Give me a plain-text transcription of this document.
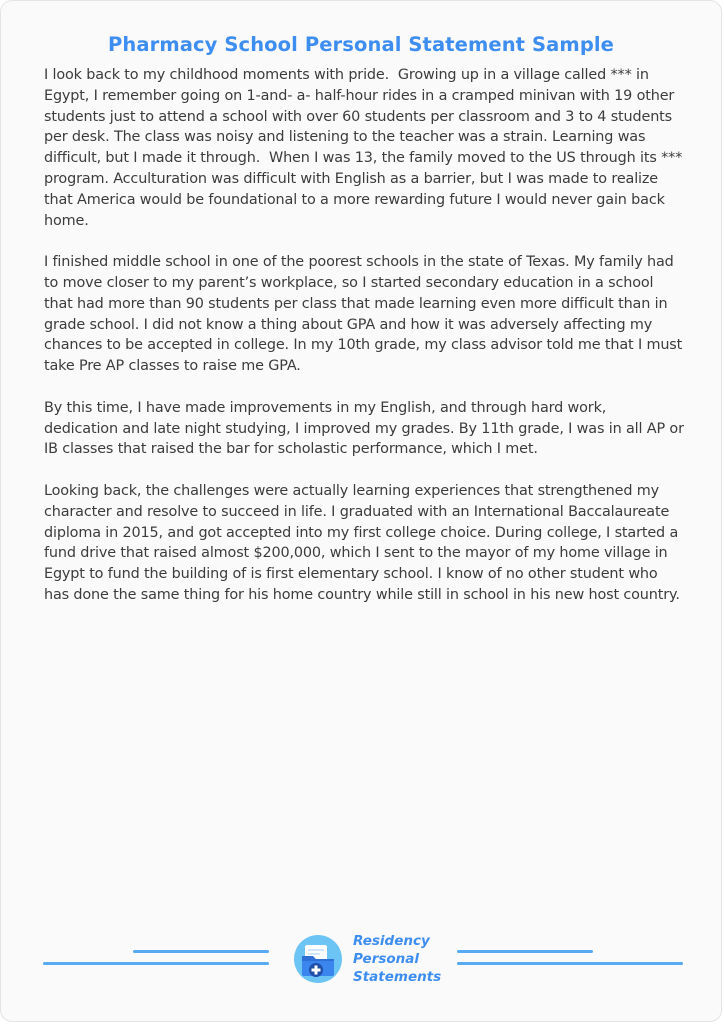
Pharmacy School Personal Statement Sample

I look back to my childhood moments with pride.  Growing up in a village called *** in Egypt, I remember going on 1-and- a- half-hour rides in a cramped minivan with 19 other students just to attend a school with over 60 students per classroom and 3 to 4 students per desk. The class was noisy and listening to the teacher was a strain. Learning was difficult, but I made it through.  When I was 13, the family moved to the US through its *** program. Acculturation was difficult with English as a barrier, but I was made to realize that America would be foundational to a more rewarding future I would never gain back home.

I finished middle school in one of the poorest schools in the state of Texas. My family had to move closer to my parent’s workplace, so I started secondary education in a school that had more than 90 students per class that made learning even more difficult than in grade school. I did not know a thing about GPA and how it was adversely affecting my chances to be accepted in college. In my 10th grade, my class advisor told me that I must take Pre AP classes to raise me GPA.

By this time, I have made improvements in my English, and through hard work, dedication and late night studying, I improved my grades. By 11th grade, I was in all AP or IB classes that raised the bar for scholastic performance, which I met.

Looking back, the challenges were actually learning experiences that strengthened my character and resolve to succeed in life. I graduated with an International Baccalaureate diploma in 2015, and got accepted into my first college choice. During college, I started a fund drive that raised almost $200,000, which I sent to the mayor of my home village in Egypt to fund the building of is first elementary school. I know of no other student who has done the same thing for his home country while still in school in his new host country.

Residency
Personal
Statements
